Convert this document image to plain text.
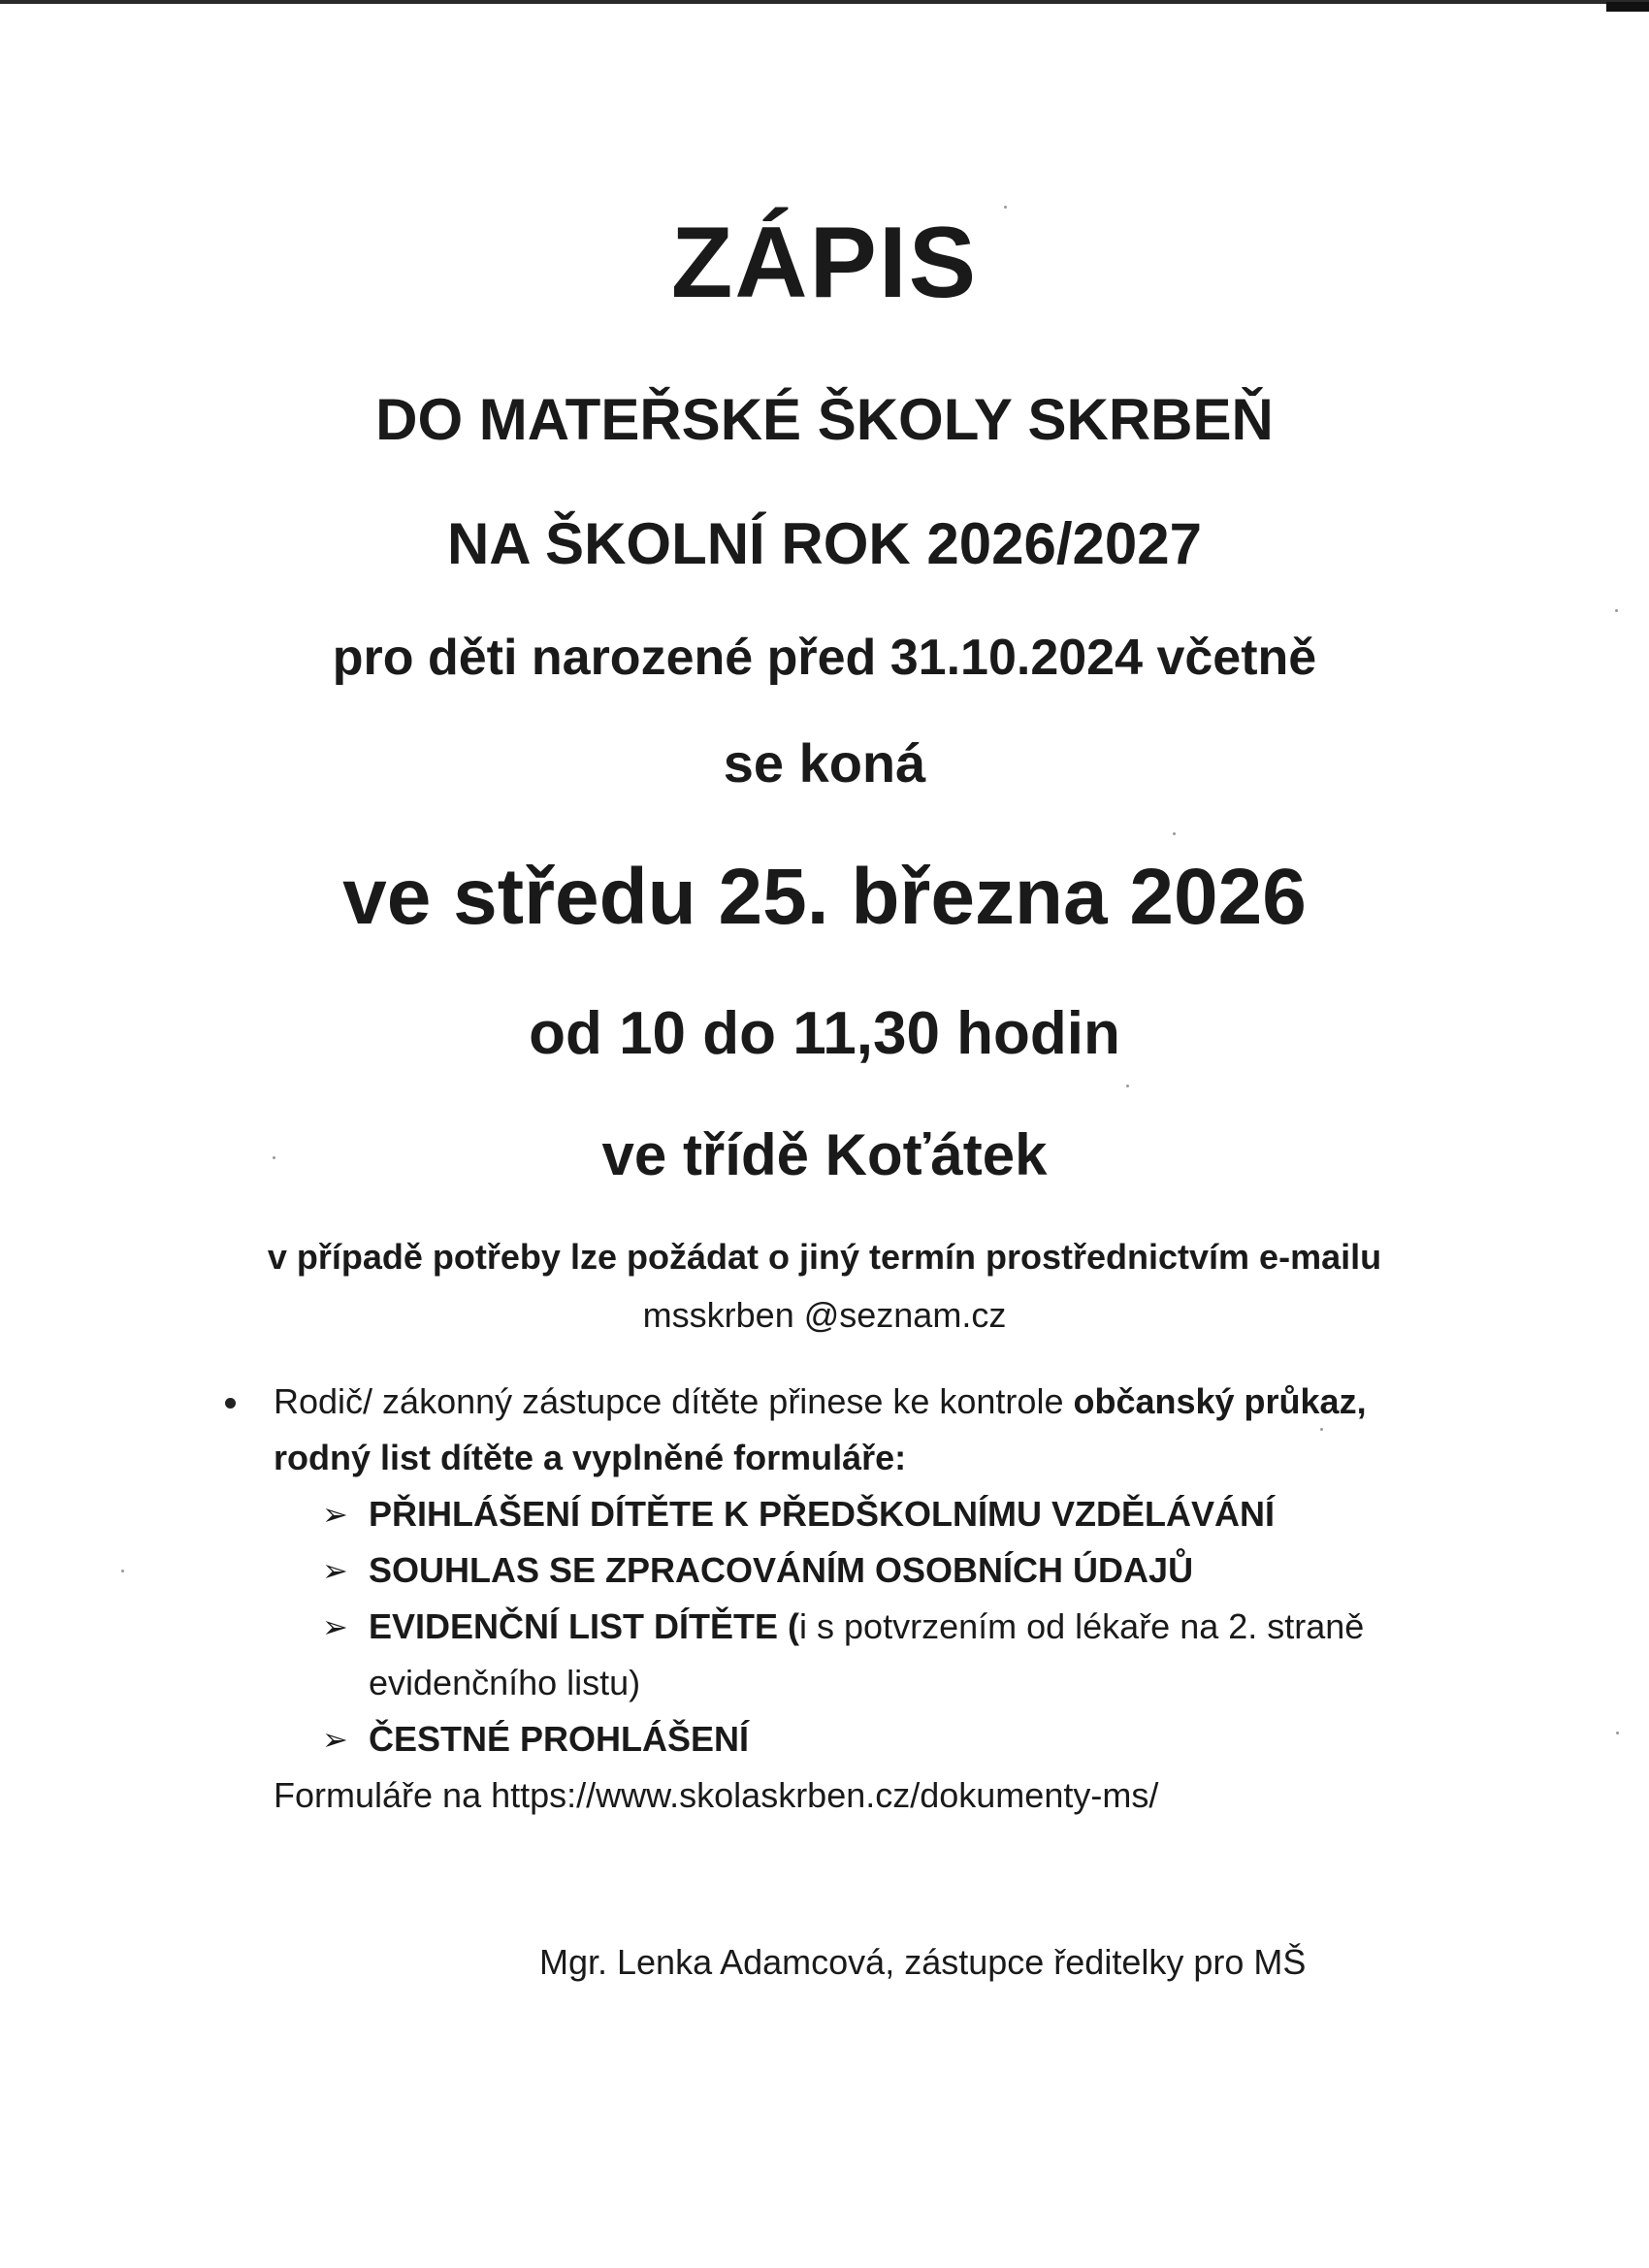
ZÁPIS
DO MATEŘSKÉ ŠKOLY SKRBEŇ
NA ŠKOLNÍ ROK 2026/2027
pro děti narozené před 31.10.2024 včetně
se koná
ve středu 25. března 2026
od 10 do 11,30 hodin
ve třídě Koťátek
v případě potřeby lze požádat o jiný termín prostřednictvím e-mailu
msskrben @seznam.cz
Rodič/ zákonný zástupce dítěte přinese ke kontrole občanský průkaz, rodný list dítěte a vyplněné formuláře:
➢ PŘIHLÁŠENÍ DÍTĚTE K PŘEDŠKOLNÍMU VZDĚLÁVÁNÍ
➢ SOUHLAS SE ZPRACOVÁNÍM OSOBNÍCH ÚDAJŮ
➢ EVIDENČNÍ LIST DÍTĚTE (i s potvrzením od lékaře na 2. straně evidenčního listu)
➢ ČESTNÉ PROHLÁŠENÍ
Formuláře na https://www.skolaskrben.cz/dokumenty-ms/
Mgr. Lenka Adamcová, zástupce ředitelky pro MŠ
